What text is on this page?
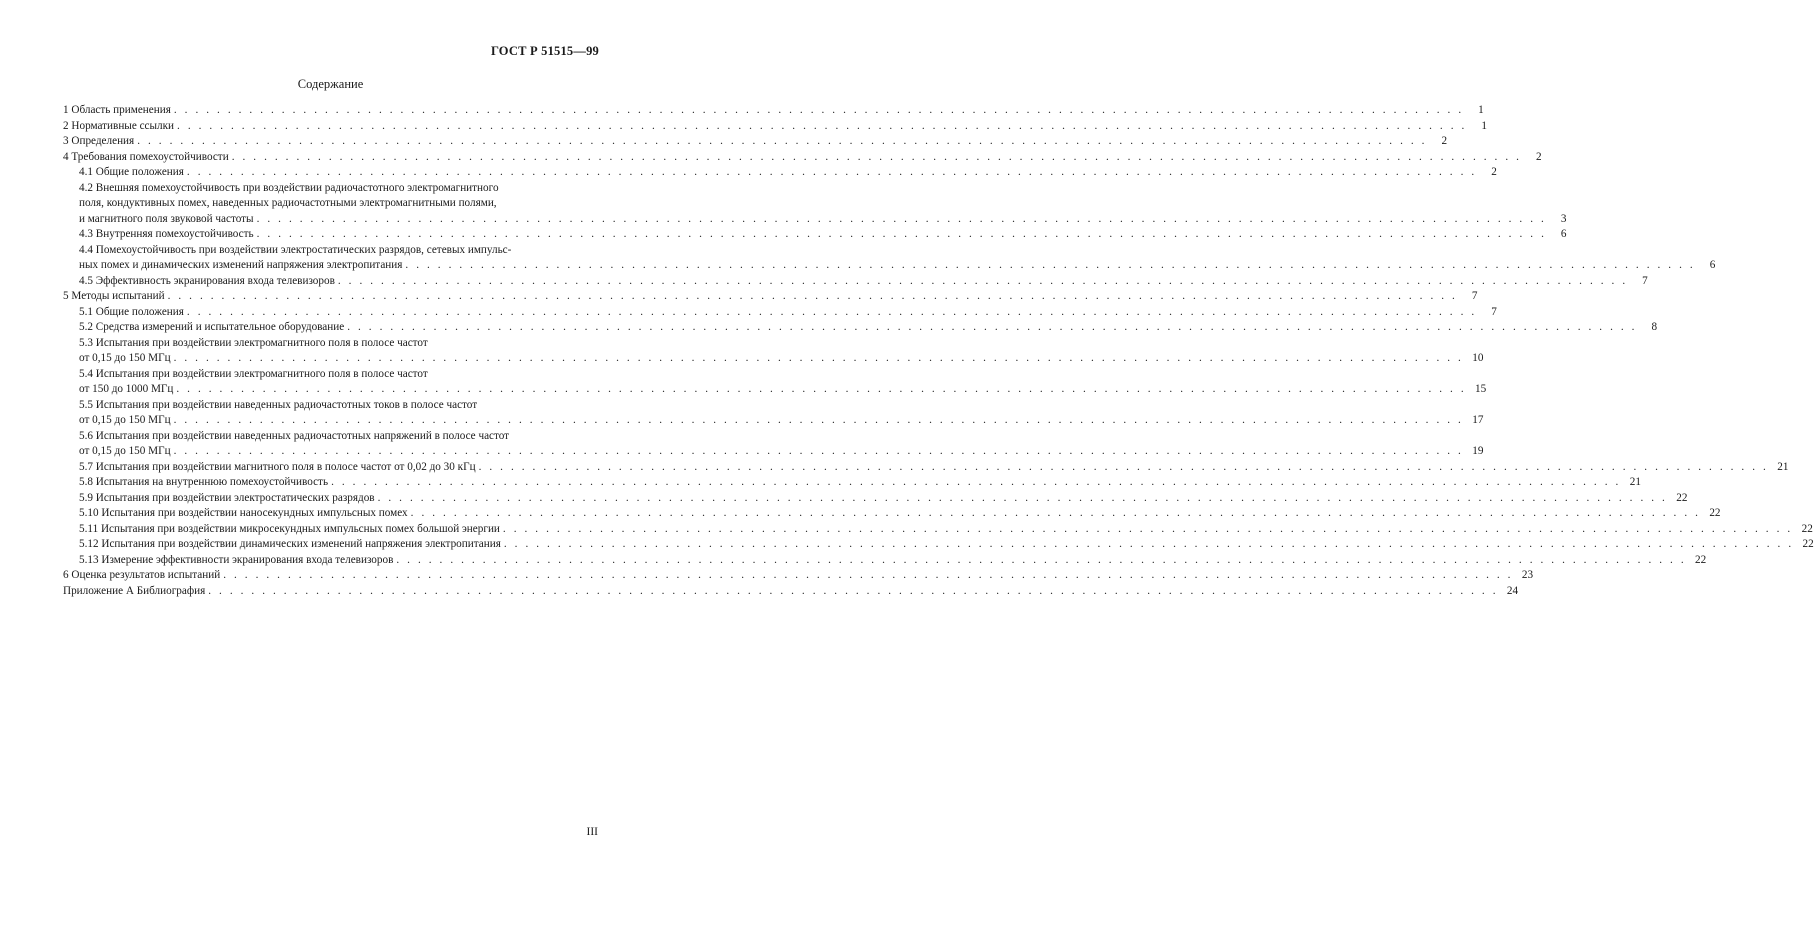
ГОСТ Р 51515—99
Содержание
1 Область применения . . . . . . . . . . . . . . . . . . . . . . . . . . . . . . . . . . . . . . . . . . . . . . . . . . . . . . . . . . . . . . . . . . . . . . . . . . . . . . . . . . . . . . . . . . . . . . . . . . . . . . . . . . . . . . . . . . . . . . . .	1
2 Нормативные ссылки . . . . . . . . . . . . . . . . . . . . . . . . . . . . . . . . . . . . . . . . . . . . . . . . . . . . . . . . . . . . . . . . . . . . . . . . . . . . . . . . . . . . . . . . . . . . . . . . . . . . . . . . . . . . . . . . . . . . . . . .	1
3 Определения . . . . . . . . . . . . . . . . . . . . . . . . . . . . . . . . . . . . . . . . . . . . . . . . . . . . . . . . . . . . . . . . . . . . . . . . . . . . . . . . . . . . . . . . . . . . . . . . . . . . . . . . . . . . . . . . . . . . . . . .	2
4 Требования помехоустойчивости . . . . . . . . . . . . . . . . . . . . . . . . . . . . . . . . . . . . . . . . . . . . . . . . . . . . . . . . . . . . . . . . . . . . . . . . . . . . . . . . . . . . . . . . . . . . . . . . . . . . . . . . . . . . . . . . . . . . . . . .	2
4.1 Общие положения . . . . . . . . . . . . . . . . . . . . . . . . . . . . . . . . . . . . . . . . . . . . . . . . . . . . . . . . . . . . . . . . . . . . . . . . . . . . . . . . . . . . . . . . . . . . . . . . . . . . . . . . . . . . . . . . . . . . . . . .	2
4.2 Внешняя помехоустойчивость при воздействии радиочастотного электромагнитного
поля, кондуктивных помех, наведенных радиочастотными электромагнитными полями,
и магнитного поля звуковой частоты . . . . . . . . . . . . . . . . . . . . . . . . . . . . . . . . . . . . . . . . . . . . . . . . . . . . . . . . . . . . . . . . . . . . . . . . . . . . . . . . . . . . . . . . . . . . . . . . . . . . . . . . . . . . . . . . . . . . . . . .	3
4.3 Внутренняя помехоустойчивость . . . . . . . . . . . . . . . . . . . . . . . . . . . . . . . . . . . . . . . . . . . . . . . . . . . . . . . . . . . . . . . . . . . . . . . . . . . . . . . . . . . . . . . . . . . . . . . . . . . . . . . . . . . . . . . . . . . . . . . .	6
4.4 Помехоустойчивость при воздействии электростатических разрядов, сетевых импульс-
ных помех и динамических изменений напряжения электропитания . . . . . . . . . . . . . . . . . . . . . . . . . . . . . . . . . . . . . . . . . . . . . . . . . . . . . . . . . . . . . . . . . . . . . . . . . . . . . . . . . . . . . . . . . . . . . . . . . . . . . . . . . . . . . . . . . . . . . . . .	6
4.5 Эффективность экранирования входа телевизоров . . . . . . . . . . . . . . . . . . . . . . . . . . . . . . . . . . . . . . . . . . . . . . . . . . . . . . . . . . . . . . . . . . . . . . . . . . . . . . . . . . . . . . . . . . . . . . . . . . . . . . . . . . . . . . . . . . . . . . . .	7
5 Методы испытаний . . . . . . . . . . . . . . . . . . . . . . . . . . . . . . . . . . . . . . . . . . . . . . . . . . . . . . . . . . . . . . . . . . . . . . . . . . . . . . . . . . . . . . . . . . . . . . . . . . . . . . . . . . . . . . . . . . . . . . . .	7
5.1 Общие положения . . . . . . . . . . . . . . . . . . . . . . . . . . . . . . . . . . . . . . . . . . . . . . . . . . . . . . . . . . . . . . . . . . . . . . . . . . . . . . . . . . . . . . . . . . . . . . . . . . . . . . . . . . . . . . . . . . . . . . . .	7
5.2 Средства измерений и испытательное оборудование . . . . . . . . . . . . . . . . . . . . . . . . . . . . . . . . . . . . . . . . . . . . . . . . . . . . . . . . . . . . . . . . . . . . . . . . . . . . . . . . . . . . . . . . . . . . . . . . . . . . . . . . . . . . . . . . . . . . . . . .	8
5.3 Испытания при воздействии электромагнитного поля в полосе частот
от 0,15 до 150 МГц . . . . . . . . . . . . . . . . . . . . . . . . . . . . . . . . . . . . . . . . . . . . . . . . . . . . . . . . . . . . . . . . . . . . . . . . . . . . . . . . . . . . . . . . . . . . . . . . . . . . . . . . . . . . . . . . . . . . . . . . 10
5.4 Испытания при воздействии электромагнитного поля в полосе частот
от 150 до 1000 МГц . . . . . . . . . . . . . . . . . . . . . . . . . . . . . . . . . . . . . . . . . . . . . . . . . . . . . . . . . . . . . . . . . . . . . . . . . . . . . . . . . . . . . . . . . . . . . . . . . . . . . . . . . . . . . . . . . . . . . . . . 15
5.5 Испытания при воздействии наведенных радиочастотных токов в полосе частот
от 0,15 до 150 МГц . . . . . . . . . . . . . . . . . . . . . . . . . . . . . . . . . . . . . . . . . . . . . . . . . . . . . . . . . . . . . . . . . . . . . . . . . . . . . . . . . . . . . . . . . . . . . . . . . . . . . . . . . . . . . . . . . . . . . . . . 17
5.6 Испытания при воздействии наведенных радиочастотных напряжений в полосе частот
от 0,15 до 150 МГц . . . . . . . . . . . . . . . . . . . . . . . . . . . . . . . . . . . . . . . . . . . . . . . . . . . . . . . . . . . . . . . . . . . . . . . . . . . . . . . . . . . . . . . . . . . . . . . . . . . . . . . . . . . . . . . . . . . . . . . . 19
5.7 Испытания при воздействии магнитного поля в полосе частот от 0,02 до 30 кГц . . . . . . . . . . . . . . . . . . . . . . . . . . . . . . . . . . . . . . . . . . . . . . . . . . . . . . . . . . . . . . . . . . . . . . . . . . . . . . . . . . . . . . . . . . . . . . . . . . . . . . . . . . . . . . . . . . . . . . . . 21
5.8 Испытания на внутреннюю помехоустойчивость . . . . . . . . . . . . . . . . . . . . . . . . . . . . . . . . . . . . . . . . . . . . . . . . . . . . . . . . . . . . . . . . . . . . . . . . . . . . . . . . . . . . . . . . . . . . . . . . . . . . . . . . . . . . . . . . . . . . . . . . 21
5.9 Испытания при воздействии электростатических разрядов . . . . . . . . . . . . . . . . . . . . . . . . . . . . . . . . . . . . . . . . . . . . . . . . . . . . . . . . . . . . . . . . . . . . . . . . . . . . . . . . . . . . . . . . . . . . . . . . . . . . . . . . . . . . . . . . . . . . . . . . 22
5.10 Испытания при воздействии наносекундных импульсных помех . . . . . . . . . . . . . . . . . . . . . . . . . . . . . . . . . . . . . . . . . . . . . . . . . . . . . . . . . . . . . . . . . . . . . . . . . . . . . . . . . . . . . . . . . . . . . . . . . . . . . . . . . . . . . . . . . . . . . . . . 22
5.11 Испытания при воздействии микросекундных импульсных помех большой энергии . . . . . . . . . . . . . . . . . . . . . . . . . . . . . . . . . . . . . . . . . . . . . . . . . . . . . . . . . . . . . . . . . . . . . . . . . . . . . . . . . . . . . . . . . . . . . . . . . . . . . . . . . . . . . . . . . . . . . . . . 22
5.12 Испытания при воздействии динамических изменений напряжения электропитания . . . . . . . . . . . . . . . . . . . . . . . . . . . . . . . . . . . . . . . . . . . . . . . . . . . . . . . . . . . . . . . . . . . . . . . . . . . . . . . . . . . . . . . . . . . . . . . . . . . . . . . . . . . . . . . . . . . . . . . . 22
5.13 Измерение эффективности экранирования входа телевизоров . . . . . . . . . . . . . . . . . . . . . . . . . . . . . . . . . . . . . . . . . . . . . . . . . . . . . . . . . . . . . . . . . . . . . . . . . . . . . . . . . . . . . . . . . . . . . . . . . . . . . . . . . . . . . . . . . . . . . . . . 22
6 Оценка результатов испытаний . . . . . . . . . . . . . . . . . . . . . . . . . . . . . . . . . . . . . . . . . . . . . . . . . . . . . . . . . . . . . . . . . . . . . . . . . . . . . . . . . . . . . . . . . . . . . . . . . . . . . . . . . . . . . . . . . . . . . . . . 23
Приложение А Библиография . . . . . . . . . . . . . . . . . . . . . . . . . . . . . . . . . . . . . . . . . . . . . . . . . . . . . . . . . . . . . . . . . . . . . . . . . . . . . . . . . . . . . . . . . . . . . . . . . . . . . . . . . . . . . . . . . . . . . . . . 24
III
